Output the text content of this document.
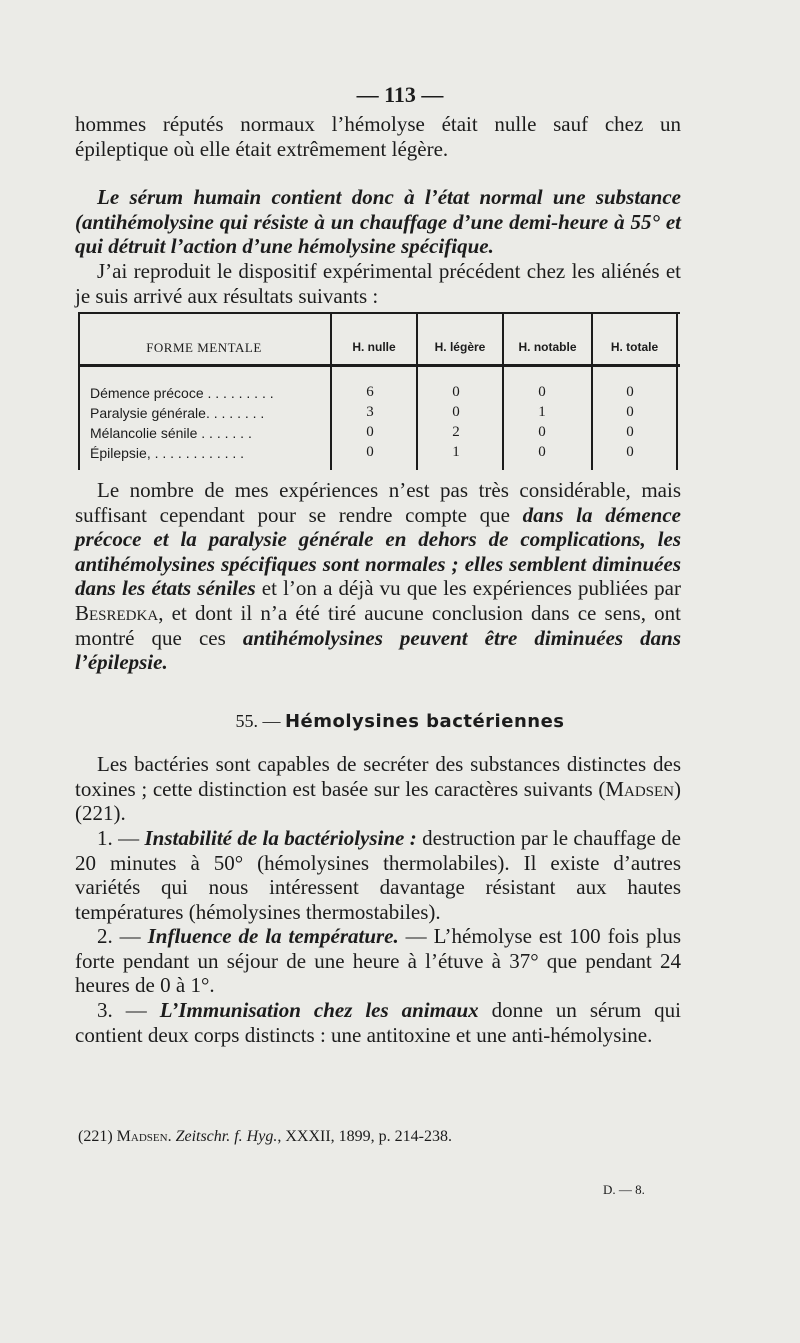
— 113 —

hommes réputés normaux l’hémolyse était nulle sauf chez un épileptique où elle était extrêmement légère.

Le sérum humain contient donc à l’état normal une substance (antihémolysine qui résiste à un chauffage d’une demi-heure à 55° et qui détruit l’action d’une hémolysine spécifique.

J’ai reproduit le dispositif expérimental précédent chez les aliénés et je suis arrivé aux résultats suivants :

FORME MENTALE	H. nulle	H. légère	H. notable	H. totale
Démence précoce . . . . . . . . .	6	0	0	0
Paralysie générale. . . . . . . .	3	0	1	0
Mélancolie sénile . . . . . . .	0	2	0	0
Épilepsie, . . . . . . . . . . . .	0	1	0	0

Le nombre de mes expériences n’est pas très considérable, mais suffisant cependant pour se rendre compte que dans la démence précoce et la paralysie générale en dehors de complications, les antihémolysines spécifiques sont normales ; elles semblent diminuées dans les états séniles et l’on a déjà vu que les expériences publiées par Besredka, et dont il n’a été tiré aucune conclusion dans ce sens, ont montré que ces antihémolysines peuvent être diminuées dans l’épilepsie.

55. — Hémolysines bactériennes

Les bactéries sont capables de secréter des substances distinctes des toxines ; cette distinction est basée sur les caractères suivants (Madsen) (221).

1. — Instabilité de la bactériolysine : destruction par le chauffage de 20 minutes à 50° (hémolysines thermolabiles). Il existe d’autres variétés qui nous intéressent davantage résistant aux hautes températures (hémolysines thermostabiles).

2. — Influence de la température. — L’hémolyse est 100 fois plus forte pendant un séjour de une heure à l’étuve à 37° que pendant 24 heures de 0 à 1°.

3. — L’Immunisation chez les animaux donne un sérum qui contient deux corps distincts : une antitoxine et une anti-hémolysine.

(221) Madsen. Zeitschr. f. Hyg., XXXII, 1899, p. 214-238.
D. — 8.
